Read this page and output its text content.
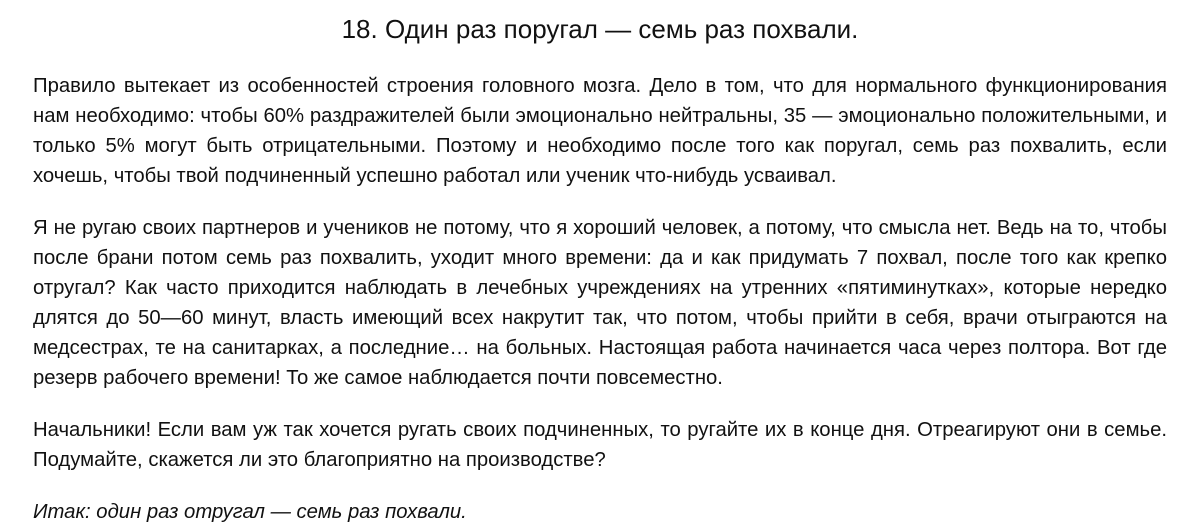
18. Один раз поругал — семь раз похвали.

Правило вытекает из особенностей строения головного мозга. Дело в том, что для нормального функционирования нам необходимо: чтобы 60% раздражителей были эмоционально нейтральны, 35 — эмоционально положительными, и только 5% могут быть отрицательными. Поэтому и необходимо после того как поругал, семь раз похвалить, если хочешь, чтобы твой подчиненный успешно работал или ученик что-нибудь усваивал.

Я не ругаю своих партнеров и учеников не потому, что я хороший человек, а потому, что смысла нет. Ведь на то, чтобы после брани потом семь раз похвалить, уходит много времени: да и как придумать 7 похвал, после того как крепко отругал? Как часто приходится наблюдать в лечебных учреждениях на утренних «пятиминутках», которые нередко длятся до 50—60 минут, власть имеющий всех накрутит так, что потом, чтобы прийти в себя, врачи отыграются на медсестрах, те на санитарках, а последние… на больных. Настоящая работа начинается часа через полтора. Вот где резерв рабочего времени! То же самое наблюдается почти повсеместно.

Начальники! Если вам уж так хочется ругать своих подчиненных, то ругайте их в конце дня. Отреагируют они в семье. Подумайте, скажется ли это благоприятно на производстве?

Итак: один раз отругал — семь раз похвали.
